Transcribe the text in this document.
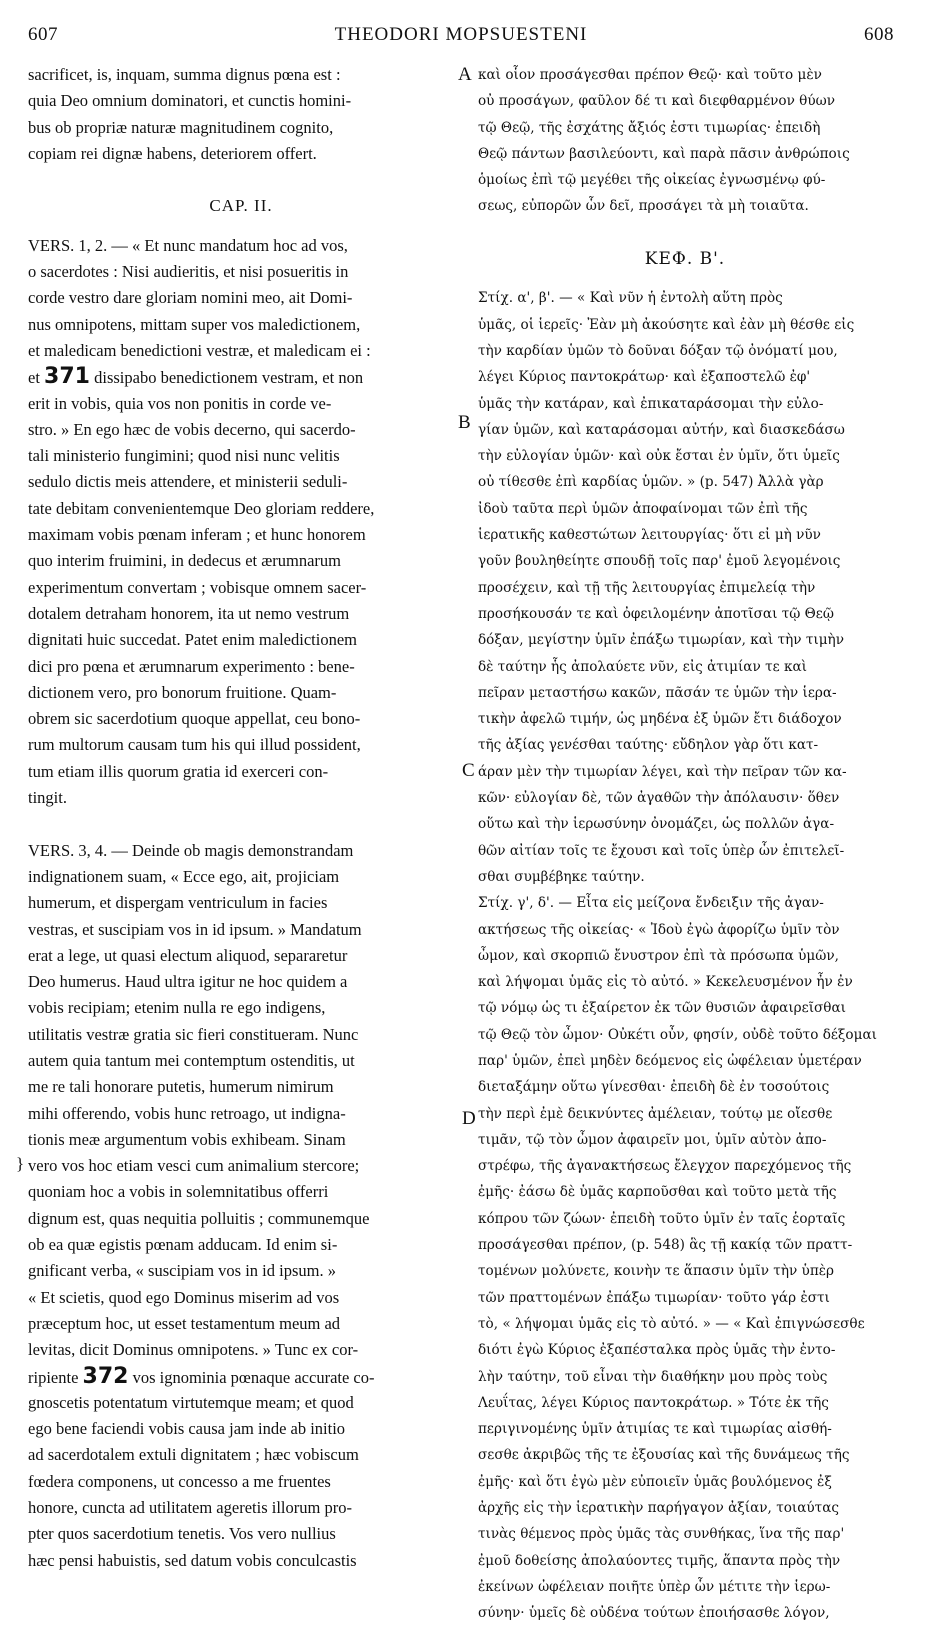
607	THEODORI MOPSUESTENI	608
sacrificet, is, inquam, summa dignus pœna est :
quia Deo omnium dominatori, et cunctis homini-
bus ob propriæ naturæ magnitudinem cognito,
copiam rei dignæ habens, deteriorem offert.
CAP. II.
VERS. 1, 2. — « Et nunc mandatum hoc ad vos,
o sacerdotes : Nisi audieritis, et nisi posueritis in
corde vestro dare gloriam nomini meo, ait Domi-
nus omnipotens, mittam super vos maledictionem,
et maledicam benedictioni vestræ, et maledicam ei :
et 371 dissipabo benedictionem vestram, et non
erit in vobis, quia vos non ponitis in corde ve-
stro. » En ego hæc de vobis decerno, qui sacerdo-
tali ministerio fungimini; quod nisi nunc velitis
sedulo dictis meis attendere, et ministerii seduli-
tate debitam convenientemque Deo gloriam reddere,
maximam vobis pœnam inferam ; et hunc honorem
quo interim fruimini, in dedecus et ærumnarum
experimentum convertam ; vobisque omnem sacer-
dotalem detraham honorem, ita ut nemo vestrum
dignitati huic succedat. Patet enim maledictionem
dici pro pœna et ærumnarum experimento : bene-
dictionem vero, pro bonorum fruitione. Quam-
obrem sic sacerdotium quoque appellat, ceu bono-
rum multorum causam tum his qui illud possident,
tum etiam illis quorum gratia id exerceri con-
tingit.
VERS. 3, 4. — Deinde ob magis demonstrandam
indignationem suam, « Ecce ego, ait, projiciam
humerum, et dispergam ventriculum in facies
vestras, et suscipiam vos in id ipsum. » Mandatum
erat a lege, ut quasi electum aliquod, separaretur
Deo humerus. Haud ultra igitur ne hoc quidem a
vobis recipiam; etenim nulla re ego indigens,
utilitatis vestræ gratia sic fieri constitueram. Nunc
autem quia tantum mei contemptum ostenditis, ut
me re tali honorare putetis, humerum nimirum
mihi offerendo, vobis hunc retroago, ut indigna-
tionis meæ argumentum vobis exhibeam. Sinam
vero vos hoc etiam vesci cum animalium stercore;
quoniam hoc a vobis in solemnitatibus offerri
dignum est, quas nequitia polluitis ; communemque
ob ea quæ egistis pœnam adducam. Id enim si-
gnificant verba, « suscipiam vos in id ipsum. »
« Et scietis, quod ego Dominus miserim ad vos
præceptum hoc, ut esset testamentum meum ad
levitas, dicit Dominus omnipotens. » Tunc ex cor-
ripiente 372 vos ignominia pœnaque accurate co-
gnoscetis potentatum virtutemque meam; et quod
ego bene faciendi vobis causa jam inde ab initio
ad sacerdotalem extuli dignitatem ; hæc vobiscum
fœdera componens, ut concesso a me fruentes
honore, cuncta ad utilitatem ageretis illorum pro-
pter quos sacerdotium tenetis. Vos vero nullius
hæc pensi habuistis, sed datum vobis conculcastis
καὶ οἷον προσάγεσθαι πρέπον Θεῷ· καὶ τοῦτο μὲν
οὐ προσάγων, φαῦλον δέ τι καὶ διεφθαρμένον θύων
τῷ Θεῷ, τῆς ἐσχάτης ἄξιός ἐστι τιμωρίας· ἐπειδὴ
Θεῷ πάντων βασιλεύοντι, καὶ παρὰ πᾶσιν ἀνθρώποις
ὁμοίως ἐπὶ τῷ μεγέθει τῆς οἰκείας ἐγνωσμένῳ φύ-
σεως, εὐπορῶν ὧν δεῖ, προσάγει τὰ μὴ τοιαῦτα.
ΚΕΦ. Β'.
Στίχ. α', β'. — « Καὶ νῦν ἡ ἐντολὴ αὕτη πρὸς
ὑμᾶς, οἱ ἱερεῖς· Ἐὰν μὴ ἀκούσητε καὶ ἐὰν μὴ θέσθε εἰς
τὴν καρδίαν ὑμῶν τὸ δοῦναι δόξαν τῷ ὀνόματί μου,
λέγει Κύριος παντοκράτωρ· καὶ ἐξαποστελῶ ἐφ'
ὑμᾶς τὴν κατάραν, καὶ ἐπικαταράσομαι τὴν εὐλο-
γίαν ὑμῶν, καὶ καταράσομαι αὐτήν, καὶ διασκεδάσω
τὴν εὐλογίαν ὑμῶν· καὶ οὐκ ἔσται ἐν ὑμῖν, ὅτι ὑμεῖς
οὐ τίθεσθε ἐπὶ καρδίας ὑμῶν. » (p. 547) Ἀλλὰ γὰρ
ἰδοὺ ταῦτα περὶ ὑμῶν ἀποφαίνομαι τῶν ἐπὶ τῆς
ἱερατικῆς καθεστώτων λειτουργίας· ὅτι εἰ μὴ νῦν
γοῦν βουληθείητε σπουδῇ τοῖς παρ' ἐμοῦ λεγομένοις
προσέχειν, καὶ τῇ τῆς λειτουργίας ἐπιμελείᾳ τὴν
προσήκουσάν τε καὶ ὀφειλομένην ἀποτῖσαι τῷ Θεῷ
δόξαν, μεγίστην ὑμῖν ἐπάξω τιμωρίαν, καὶ τὴν τιμὴν
δὲ ταύτην ἧς ἀπολαύετε νῦν, εἰς ἀτιμίαν τε καὶ
πεῖραν μεταστήσω κακῶν, πᾶσάν τε ὑμῶν τὴν ἱερα-
τικὴν ἀφελῶ τιμήν, ὡς μηδένα ἐξ ὑμῶν ἔτι διάδοχον
τῆς ἀξίας γενέσθαι ταύτης· εὔδηλον γὰρ ὅτι κατ-
άραν μὲν τὴν τιμωρίαν λέγει, καὶ τὴν πεῖραν τῶν κα-
κῶν· εὐλογίαν δὲ, τῶν ἀγαθῶν τὴν ἀπόλαυσιν· ὅθεν
οὕτω καὶ τὴν ἱερωσύνην ὀνομάζει, ὡς πολλῶν ἀγα-
θῶν αἰτίαν τοῖς τε ἔχουσι καὶ τοῖς ὑπὲρ ὧν ἐπιτελεῖ-
σθαι συμβέβηκε ταύτην.
Στίχ. γ', δ'. — Εἶτα εἰς μείζονα ἔνδειξιν τῆς ἀγαν-
ακτήσεως τῆς οἰκείας· « Ἰδοὺ ἐγὼ ἀφορίζω ὑμῖν τὸν
ὦμον, καὶ σκορπιῶ ἔνυστρον ἐπὶ τὰ πρόσωπα ὑμῶν,
καὶ λήψομαι ὑμᾶς εἰς τὸ αὐτό. » Κεκελευσμένον ἦν ἐν
τῷ νόμῳ ὡς τι ἐξαίρετον ἐκ τῶν θυσιῶν ἀφαιρεῖσθαι
τῷ Θεῷ τὸν ὦμον· Οὐκέτι οὖν, φησίν, οὐδὲ τοῦτο δέξομαι
παρ' ὑμῶν, ἐπεὶ μηδὲν δεόμενος εἰς ὠφέλειαν ὑμετέραν
διεταξάμην οὕτω γίνεσθαι· ἐπειδὴ δὲ ἐν τοσούτοις
τὴν περὶ ἐμὲ δεικνύντες ἀμέλειαν, τούτῳ με οἴεσθε
τιμᾶν, τῷ τὸν ὦμον ἀφαιρεῖν μοι, ὑμῖν αὐτὸν ἀπο-
στρέφω, τῆς ἀγανακτήσεως ἔλεγχον παρεχόμενος τῆς
ἐμῆς· ἐάσω δὲ ὑμᾶς καρποῦσθαι καὶ τοῦτο μετὰ τῆς
κόπρου τῶν ζώων· ἐπειδὴ τοῦτο ὑμῖν ἐν ταῖς ἑορταῖς
προσάγεσθαι πρέπον, (p. 548) ἃς τῇ κακίᾳ τῶν πραττ-
τομένων μολύνετε, κοινὴν τε ἅπασιν ὑμῖν τὴν ὑπὲρ
τῶν πραττομένων ἐπάξω τιμωρίαν· τοῦτο γάρ ἐστι
τὸ, « λήψομαι ὑμᾶς εἰς τὸ αὐτό. » — « Καὶ ἐπιγνώσεσθε
διότι ἐγὼ Κύριος ἐξαπέσταλκα πρὸς ὑμᾶς τὴν ἐντο-
λὴν ταύτην, τοῦ εἶναι τὴν διαθήκην μου πρὸς τοὺς
Λευΐτας, λέγει Κύριος παντοκράτωρ. » Τότε ἐκ τῆς
περιγινομένης ὑμῖν ἀτιμίας τε καὶ τιμωρίας αἰσθή-
σεσθε ἀκριβῶς τῆς τε ἐξουσίας καὶ τῆς δυνάμεως τῆς
ἐμῆς· καὶ ὅτι ἐγὼ μὲν εὐποιεῖν ὑμᾶς βουλόμενος ἐξ
ἀρχῆς εἰς τὴν ἱερατικὴν παρήγαγον ἀξίαν, τοιαύτας
τινὰς θέμενος πρὸς ὑμᾶς τὰς συνθήκας, ἵνα τῆς παρ'
ἐμοῦ δοθείσης ἀπολαύοντες τιμῆς, ἅπαντα πρὸς τὴν
ἐκείνων ὠφέλειαν ποιῆτε ὑπὲρ ὧν μέτιτε τὴν ἱερω-
σύνην· ὑμεῖς δὲ οὐδένα τούτων ἐποιήσασθε λόγον,
A
B
C
D
}
